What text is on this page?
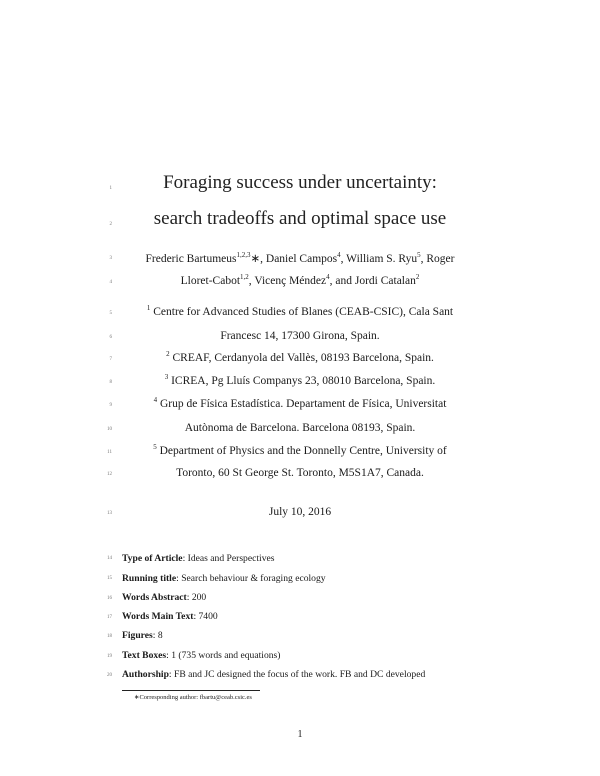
1
2
3
4
5
6
7
8
9
10
11
12
13
14
15
16
17
18
19
20
Foraging success under uncertainty:
search tradeoffs and optimal space use
Frederic Bartumeus$^{1,2,3}$∗, Daniel Campos$^4$, William S. Ryu$^5$, Roger
Lloret-Cabot$^{1,2}$, Vicenç Méndez$^4$, and Jordi Catalan$^2$
$^1$ Centre for Advanced Studies of Blanes (CEAB-CSIC), Cala Sant
Francesc 14, 17300 Girona, Spain.
$^2$ CREAF, Cerdanyola del Vallès, 08193 Barcelona, Spain.
$^3$ ICREA, Pg Lluís Companys 23, 08010 Barcelona, Spain.
$^4$ Grup de Física Estadística. Departament de Física, Universitat
Autònoma de Barcelona. Barcelona 08193, Spain.
$^5$ Department of Physics and the Donnelly Centre, University of
Toronto, 60 St George St. Toronto, M5S1A7, Canada.
July 10, 2016
Type of Article: Ideas and Perspectives
Running title: Search behaviour & foraging ecology
Words Abstract: 200
Words Main Text: 7400
Figures: 8
Text Boxes: 1 (735 words and equations)
Authorship: FB and JC designed the focus of the work. FB and DC developed
∗Corresponding author: fbartu@ceab.csic.es
1
